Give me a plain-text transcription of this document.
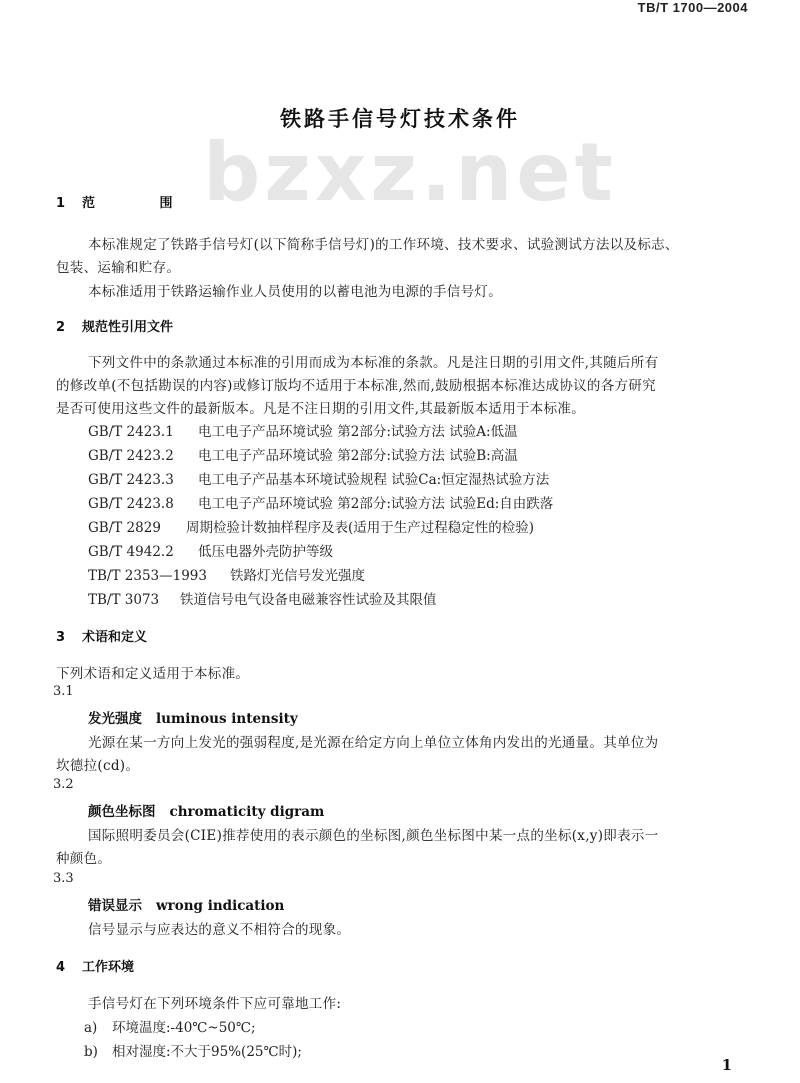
TB/T 1700—2004
bzxz.net
铁路手信号灯技术条件
1 范 围
本标准规定了铁路手信号灯(以下简称手信号灯)的工作环境、技术要求、试验测试方法以及标志、
包装、运输和贮存。
本标准适用于铁路运输作业人员使用的以蓄电池为电源的手信号灯。
2 规范性引用文件
下列文件中的条款通过本标准的引用而成为本标准的条款。凡是注日期的引用文件,其随后所有
的修改单(不包括勘误的内容)或修订版均不适用于本标准,然而,鼓励根据本标准达成协议的各方研究
是否可使用这些文件的最新版本。凡是不注日期的引用文件,其最新版本适用于本标准。
GB/T 2423.1 电工电子产品环境试验 第2部分:试验方法 试验A:低温
GB/T 2423.2 电工电子产品环境试验 第2部分:试验方法 试验B:高温
GB/T 2423.3 电工电子产品基本环境试验规程 试验Ca:恒定湿热试验方法
GB/T 2423.8 电工电子产品环境试验 第2部分:试验方法 试验Ed:自由跌落
GB/T 2829 周期检验计数抽样程序及表(适用于生产过程稳定性的检验)
GB/T 4942.2 低压电器外壳防护等级
TB/T 2353—1993 铁路灯光信号发光强度
TB/T 3073 铁道信号电气设备电磁兼容性试验及其限值
3 术语和定义
下列术语和定义适用于本标准。
3.1
发光强度 luminous intensity
光源在某一方向上发光的强弱程度,是光源在给定方向上单位立体角内发出的光通量。其单位为
坎德拉(cd)。
3.2
颜色坐标图 chromaticity digram
国际照明委员会(CIE)推荐使用的表示颜色的坐标图,颜色坐标图中某一点的坐标(x,y)即表示一
种颜色。
3.3
错误显示 wrong indication
信号显示与应表达的意义不相符合的现象。
4 工作环境
手信号灯在下列环境条件下应可靠地工作:
a) 环境温度:-40℃~50℃;
b) 相对湿度:不大于95%(25℃时);
1
